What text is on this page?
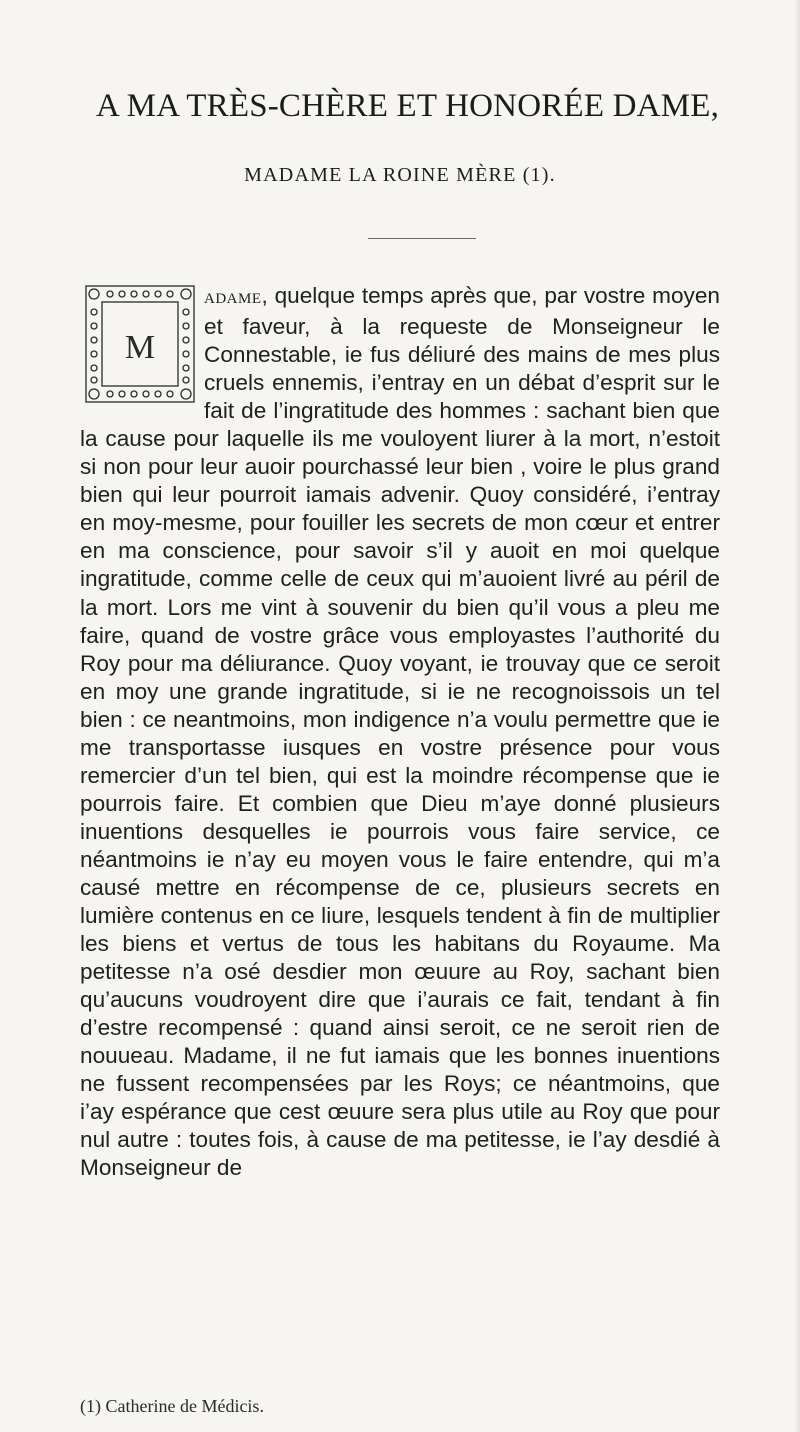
A MA TRÈS-CHÈRE ET HONORÉE DAME,
MADAME LA ROINE MÈRE (1).
M
ADAME, quelque temps après que, par vostre moyen et faveur, à la requeste de Monseigneur le Connestable, ie fus déliuré des mains de mes plus cruels ennemis, i’entray en un débat d’esprit sur le fait de l’ingratitude des hommes : sachant bien que la cause pour laquelle ils me vouloyent liurer à la mort, n’estoit si non pour leur auoir pourchassé leur bien , voire le plus grand bien qui leur pourroit iamais advenir. Quoy considéré, i’entray en moy-mesme, pour fouiller les secrets de mon cœur et entrer en ma conscience, pour savoir s’il y auoit en moi quelque ingratitude, comme celle de ceux qui m’auoient livré au péril de la mort. Lors me vint à souvenir du bien qu’il vous a pleu me faire, quand de vostre grâce vous employastes l’authorité du Roy pour ma déliurance. Quoy voyant, ie trouvay que ce seroit en moy une grande ingratitude, si ie ne recognoissois un tel bien : ce neantmoins, mon indigence n’a voulu permettre que ie me transportasse iusques en vostre présence pour vous remercier d’un tel bien, qui est la moindre récompense que ie pourrois faire. Et combien que Dieu m’aye donné plusieurs inuentions desquelles ie pourrois vous faire service, ce néantmoins ie n’ay eu moyen vous le faire entendre, qui m’a causé mettre en récompense de ce, plusieurs secrets en lumière contenus en ce liure, lesquels tendent à fin de multiplier les biens et vertus de tous les habitans du Royaume. Ma petitesse n’a osé desdier mon œuure au Roy, sachant bien qu’aucuns voudroyent dire que i’aurais ce fait, tendant à fin d’estre recompensé : quand ainsi seroit, ce ne seroit rien de nouueau. Madame, il ne fut iamais que les bonnes inuentions ne fussent recompensées par les Roys; ce néantmoins, que i’ay espérance que cest œuure sera plus utile au Roy que pour nul autre : toutes fois, à cause de ma petitesse, ie l’ay desdié à Monseigneur de
(1) Catherine de Médicis.
